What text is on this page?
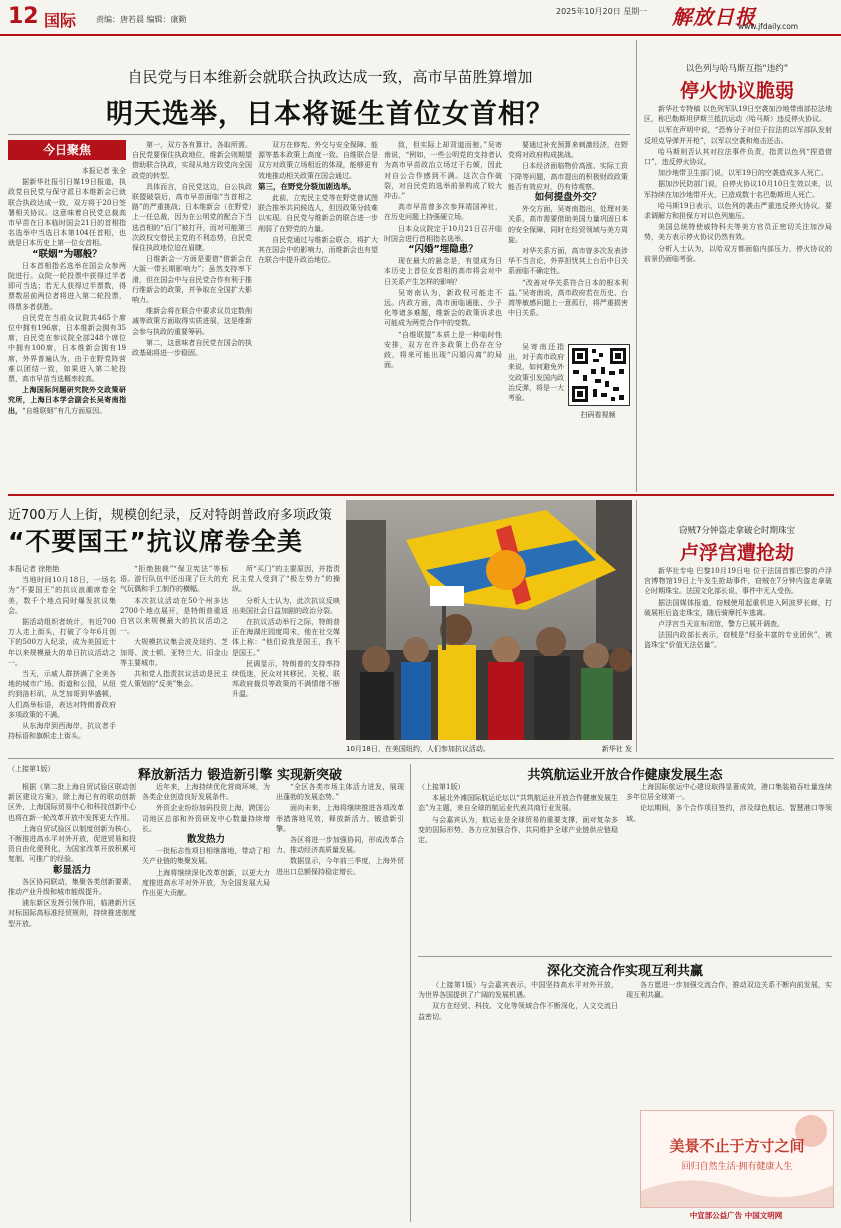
12 国际 责编：唐若晨 编辑：康勤
2025年10月20日 星期一 解放日报
www.jfdaily.com
自民党与日本维新会就联合执政达成一致，高市早苗胜算增加
明天选举，日本将诞生首位女首相？
今日聚焦

本报记者 张全

据新华社报引日媒19日报道，执政党自民党与保守派日本维新会已就联合执政达成一致，双方将于20日签署相关协议。这意味着自民党总裁高市早苗在日本临时国会21日的首相指名选举中当选日本第104任首相，也就是日本历史上第一位女首相。

“联姻”为哪般？

日本首相指名选举在国会众参两院进行。众院一轮投票中获得过半者即可当选；若无人获得过半票数，得票数居前两位者将进入第二轮投票，得票多者获胜。

自民党在当前众议院共465个席位中拥有196席，日本维新会拥有35席，自民党在参议院全部248个席位中拥有100席，日本维新会拥有19席，外界普遍认为，由于在野党阵营难以团结一致，如果进入第二轮投票，高市早苗当选概率较高。

上海国际问题研究院外交政策研究所，上海日本学会副会长吴寄南指出，“自维联姻”有几方面原因。

第一，双方各有算计。各取所需。自民党要保住执政地位，维新会则期望借助联合执政，实现从地方政党向全国政党的转型。

具体而言，自民党这边，自公执政联盟破裂后，高市早苗面临“当首相之路”的严重挑战；日本维新会（在野党）上一任总裁，因为在公明党的配合下当选首相的“后门”被打开，而对可能第三次政权交替民主党的不利态势，自民党保住执政地位迫在眉睫。

日维新会一方面是要借“借新会在大阪一带长期影响力”；虽然支持率下滑，但在国会中与自民党合作有利于推行维新会的政策，并争取在全国扩大影响力。

维新会将在联合中要求议员定数削减等政策方面取得实质进展，这是维新会参与执政的重要筹码。

第二，这意味者自民党在国会的执政基础将进一步稳固。

双方在修宪、外交与安全保障、能源等基本政策上高度一致。自维联合是双方对政策立场相近的体现，能够更有效地推动相关政策在国会通过。

第三，在野党分裂加剧选举。

此前，立宪民主党等在野党曾试图联合推举共同候选人，但因政策分歧难以实现。自民党与维新会的联合进一步削弱了在野党的力量。

自民党通过与维新会联合，将扩大其在国会中的影响力，而维新会也有望在联合中提升政治地位。

致，但实际上却背道而驰。”吴寄南说，“例如，一些公明党的支持者认为高市早苗政治立场过于右倾，因此对自公合作感到不满。这次合作破裂，对自民党的选举前景构成了较大冲击。”

高市早苗曾多次参拜靖国神社，在历史问题上持强硬立场。

日本众议院定于10月21日召开临时国会进行首相指名选举。

“闪婚”埋隐患？

现在最大的悬念是，有望成为日本历史上首位女首相的高市将会对中日关系产生怎样的影响？

吴寄南认为，新政权可能走不远。内政方面，高市面临通胀、少子化等诸多难题，维新会的政策诉求也可能成为两党合作中的变数。

“自维联盟”本质上是一种临时性安排，双方在许多政策上仍存在分歧，将来可能出现“闪婚闪离”的局面。

要通过补充预算来刺激经济，在野党将对政府构成挑战。

日本经济面临物价高涨、实际工资下降等问题，高市提出的积极财政政策能否有效应对，仍有待观察。

如何提盘外交？

外交方面，吴寄南指出，处理对美关系，高市需要借助美国力量巩固日本的安全保障，同时在经贸领域与美方周旋。

对华关系方面，高市曾多次发表涉华不当言论，外界担忧其上台后中日关系面临不确定性。

“改善对华关系符合日本的根本利益。”吴寄南说，高市政府若在历史、台湾等敏感问题上一意孤行，将严重损害中日关系。

吴寄南还指出，对于高市政府来说，如何避免外交政策引发国内政治反弹，将是一大考验。

扫码看视频
以色列与哈马斯互指“违约”
停火协议脆弱

新华社专特稿 以色列军队19日空袭加沙地带南部拉法地区，称巴勒斯坦伊斯兰抵抗运动（哈马斯）违反停火协议。

以军在声明中说，“恐怖分子对位于拉法的以军部队发射反坦克导弹并开枪”，以军以空袭和炮击还击。

哈马斯则否认其对拉法事件负责，指责以色列“捏造借口”，违反停火协议。

加沙地带卫生部门说，以军19日的空袭造成多人死亡。

据加沙民防部门说，自停火协议10月10日生效以来，以军持续在加沙地带开火，已造成数十名巴勒斯坦人死亡。

哈马斯19日表示，以色列的袭击严重违反停火协议，要求调解方和担保方对以色列施压。

美国总统特使威特科夫等美方官员正密切关注加沙局势，美方表示停火协议仍然有效。

分析人士认为，以哈双方都面临内部压力，停火协议的前景仍面临考验。

近700万人上街，规模创纪录，反对特朗普政府多项政策
“不要国王”抗议席卷全美

本报记者 徐艳艳

当地时间10月18日，一场名为“不要国王”的抗议浪潮席卷全美，数千个地点同时爆发抗议集会。

据活动组织者统计，有近700万人走上街头，打破了今年6月创下的500万人纪录，成为美国近十年以来规模最大的单日抗议活动之一。

当天，示威人群挤满了全美各地的城市广场、街道和公园，从纽约到洛杉矶，从芝加哥到华盛顿，人们高举标语，表达对特朗普政府多项政策的不满。

从东海岸到西海岸，抗议者手持标语和旗帜走上街头。

“拒绝独裁”“保卫宪法”等标语。游行队伍中还出现了巨大的充气玩偶和手工制作的横幅。

本次抗议活动在50个州多达2700个地点展开，是特朗普重返白宫以来规模最大的抗议活动之一。

大规模抗议集会波及纽约、芝加哥、波士顿、亚特兰大、旧金山等主要城市。

共和党人指责抗议活动是民主党人策划的“反美”集会。

所“买门”的主要原因，并指责民主党人受到了“极左势力”的操纵。

分析人士认为，此次抗议反映出美国社会日益加剧的政治分裂。

在抗议活动举行之际，特朗普正在海湖庄园度周末，他在社交媒体上称：“他们说我是国王，我不是国王。”

民调显示，特朗普的支持率持续低迷，民众对其移民、关税、联邦政府裁员等政策的不满情绪不断升温。

10月18日，在美国纽约，人们参加抗议活动。	新华社 发
窃贼7分钟盗走拿破仑时期珠宝
卢浮宫遭抢劫

新华社专电 巴黎10月19日电 位于法国首都巴黎的卢浮宫博物馆19日上午发生抢劫事件，窃贼在7分钟内盗走拿破仑时期珠宝。法国文化部长说，事件中无人受伤。

据法国媒体报道，窃贼使用起重机进入阿波罗长廊，打破展柜后盗走珠宝，随后骑摩托车逃离。

卢浮宫当天宣布闭馆，警方已展开调查。

法国内政部长表示，窃贼是“经验丰富的专业团伙”，被盗珠宝“价值无法估量”。

（上接第1版）	释放新活力 锻造新引擎 实现新突破

根据《第二批上海自贸试验区联动创新区建设方案》，除上海已有的联动创新区外，上海国际贸易中心和科技创新中心也将在新一轮改革开放中发挥更大作用。

上海自贸试验区以制度创新为核心，不断推进高水平对外开放，促进贸易和投资自由化便利化，为国家改革开放积累可复制、可推广的经验。

彰显活力

各区协同联动，集聚各类创新要素，推动产业升级和城市能级提升。

浦东新区发挥引领作用，临港新片区对标国际高标准经贸规则，持续推进制度型开放。

近年来，上海持续优化营商环境，为各类企业创造良好发展条件。

外资企业纷纷加码投资上海，跨国公司地区总部和外资研发中心数量持续增长。

散发热力

一批标志性项目相继落地，带动了相关产业链的集聚发展。

上海将继续深化改革创新，以更大力度推进高水平对外开放，为全国发展大局作出更大贡献。

“全区各类市场主体活力迸发，展现出蓬勃的发展态势。”

面向未来，上海将继续推进各项改革举措落地见效，释放新活力，锻造新引擎。

各区将进一步加强协同，形成改革合力，推动经济高质量发展。

数据显示，今年前三季度，上海外贸进出口总额保持稳定增长。

共筑航运业开放合作健康发展生态

（上接第1版）

本届北外滩国际航运论坛以“共筑航运业开放合作健康发展生态”为主题，来自全球的航运业代表共商行业发展。

与会嘉宾认为，航运业是全球贸易的重要支撑，面对复杂多变的国际形势，各方应加强合作，共同维护全球产业链供应链稳定。

上海国际航运中心建设取得显著成效，港口集装箱吞吐量连续多年位居全球第一。

论坛期间，多个合作项目签约，涉及绿色航运、智慧港口等领域。

深化交流合作实现互利共赢

（上接第1版）与会嘉宾表示，中国坚持高水平对外开放，为世界各国提供了广阔的发展机遇。

双方在经贸、科技、文化等领域合作不断深化，人文交流日益密切。

各方愿进一步加强交流合作，推动双边关系不断向前发展，实现互利共赢。

美景不止于方寸之间
回归自然生活·拥有健康人生
中宣部公益广告 中国文明网
